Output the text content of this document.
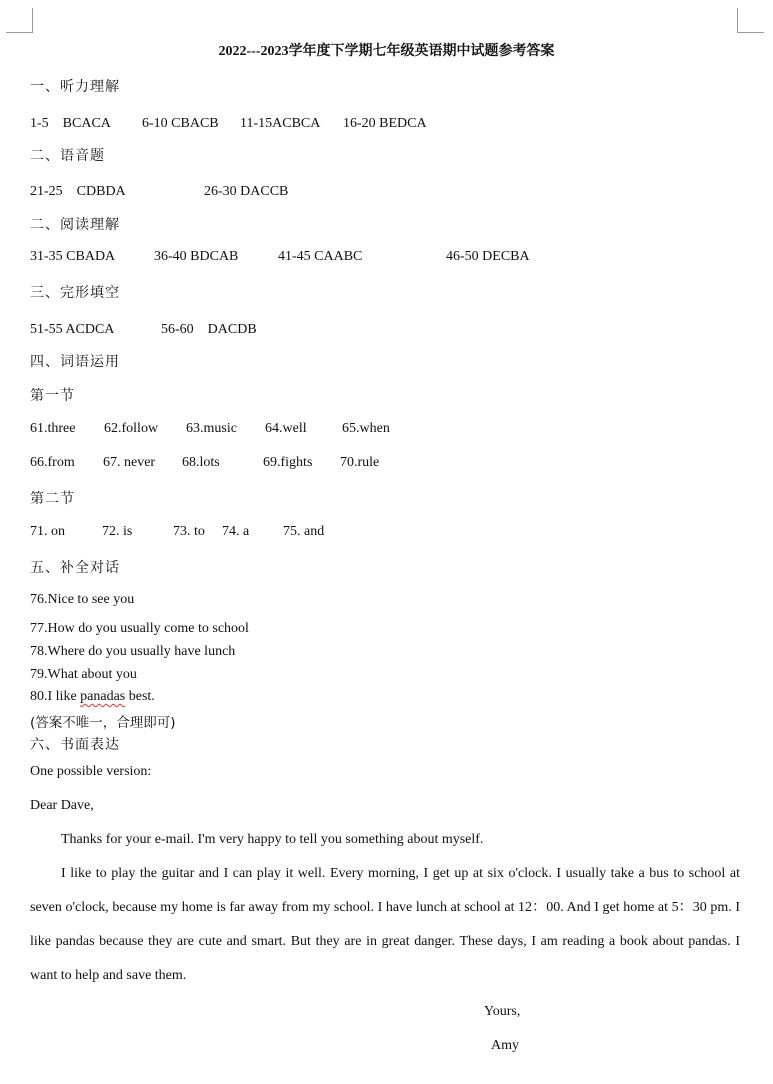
2022---2023学年度下学期七年级英语期中试题参考答案
一、听力理解
1-5　BCACA 6-10 CBACB 11-15ACBCA 16-20 BEDCA
二、语音题
21-25　CDBDA	26-30 DACCB
二、阅读理解
31-35 CBADA	36-40 BDCAB	41-45 CAABC	46-50 DECBA
三、完形填空
51-55 ACDCA	56-60　DACDB
四、词语运用
第一节
61.three 62.follow 63.music 64.well	65.when
66.from 67. never 68.lots	69.fights 70.rule
第二节
71. on	72. is	73. to 74. a 75. and
五、补全对话
76.Nice to see you
77.How do you usually come to school
78.Where do you usually have lunch
79.What about you
80.I like panadas best.
(答案不唯一，合理即可)
六、书面表达
One possible version:
Dear Dave,
Thanks for your e-mail. I'm very happy to tell you something about myself.
I like to play the guitar and I can play it well. Every morning, I get up at six o'clock. I usually take a bus to school at seven o'clock, because my home is far away from my school. I have lunch at school at 12：00. And I get home at 5：30 pm. I like pandas because they are cute and smart. But they are in great danger. These days, I am reading a book about pandas. I want to help and save them.
Yours,
Amy
